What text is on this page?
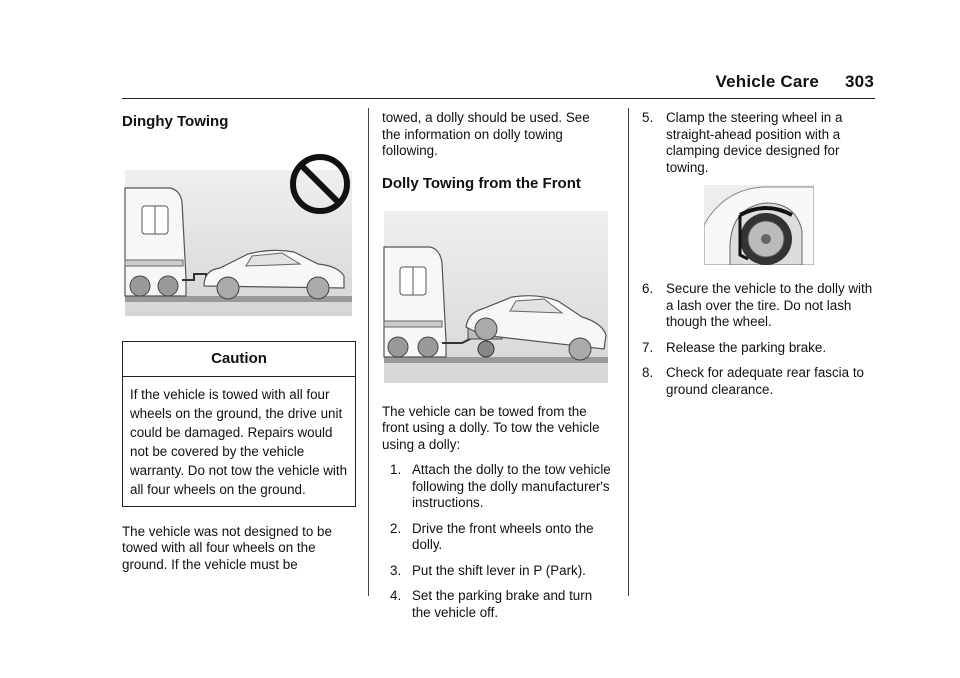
Vehicle Care 303
Dinghy Towing
Caution
If the vehicle is towed with all four wheels on the ground, the drive unit could be damaged. Repairs would not be covered by the vehicle warranty. Do not tow the vehicle with all four wheels on the ground.

The vehicle was not designed to be towed with all four wheels on the ground. If the vehicle must be

towed, a dolly should be used. See the information on dolly towing following.

Dolly Towing from the Front

The vehicle can be towed from the front using a dolly. To tow the vehicle using a dolly:

1. Attach the dolly to the tow vehicle following the dolly manufacturer's instructions.
2. Drive the front wheels onto the dolly.
3. Put the shift lever in P (Park).
4. Set the parking brake and turn the vehicle off.
5. Clamp the steering wheel in a straight-ahead position with a clamping device designed for towing.
6. Secure the vehicle to the dolly with a lash over the tire. Do not lash though the wheel.
7. Release the parking brake.
8. Check for adequate rear fascia to ground clearance.
